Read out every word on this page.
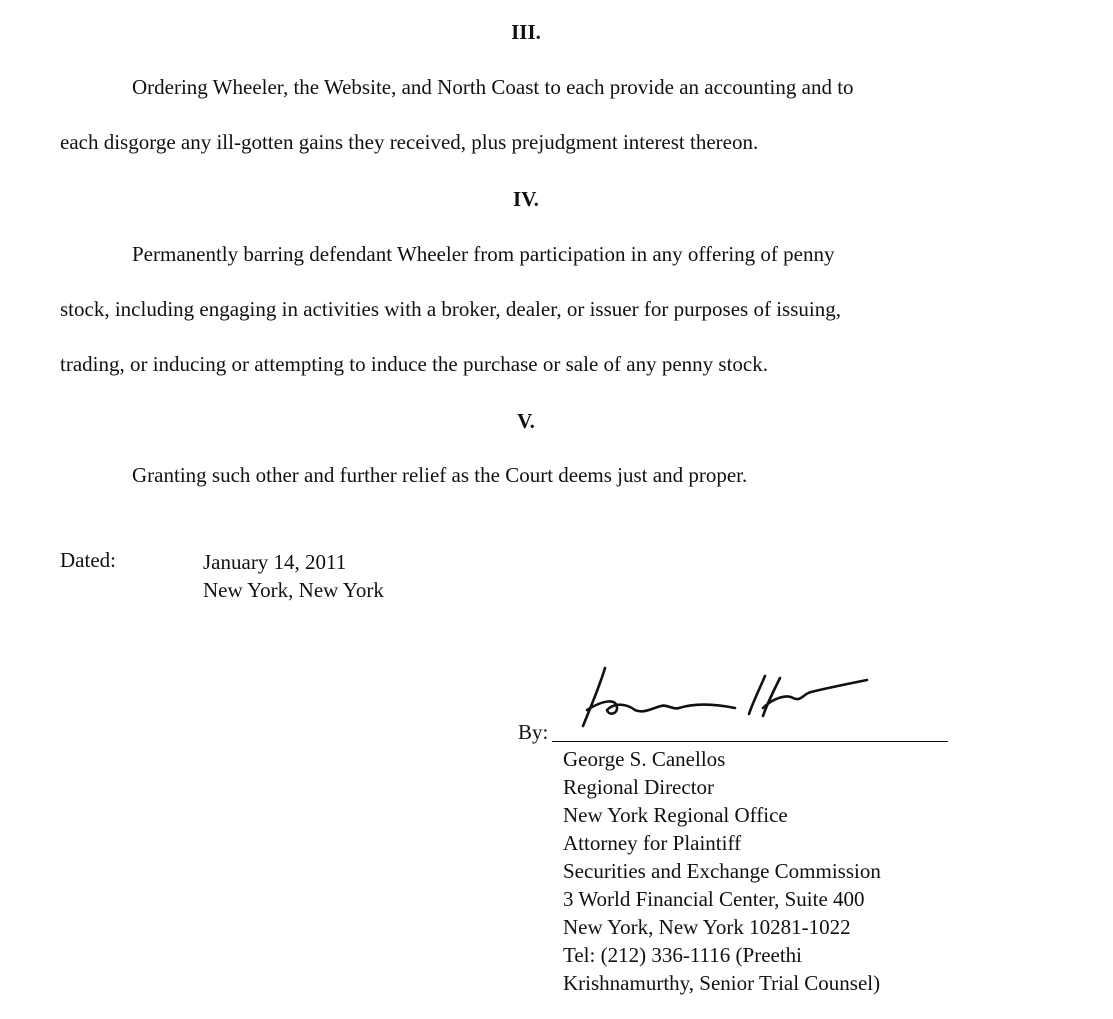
III.
Ordering Wheeler, the Website, and North Coast to each provide an accounting and to
each disgorge any ill-gotten gains they received, plus prejudgment interest thereon.
IV.
Permanently barring defendant Wheeler from participation in any offering of penny
stock, including engaging in activities with a broker, dealer, or issuer for purposes of issuing,
trading, or inducing or attempting to induce the purchase or sale of any penny stock.
V.
Granting such other and further relief as the Court deems just and proper.
Dated:	January 14, 2011
New York, New York
By:
George S. Canellos
Regional Director
New York Regional Office
Attorney for Plaintiff
Securities and Exchange Commission
3 World Financial Center, Suite 400
New York, New York 10281-1022
Tel: (212) 336-1116 (Preethi
Krishnamurthy, Senior Trial Counsel)
